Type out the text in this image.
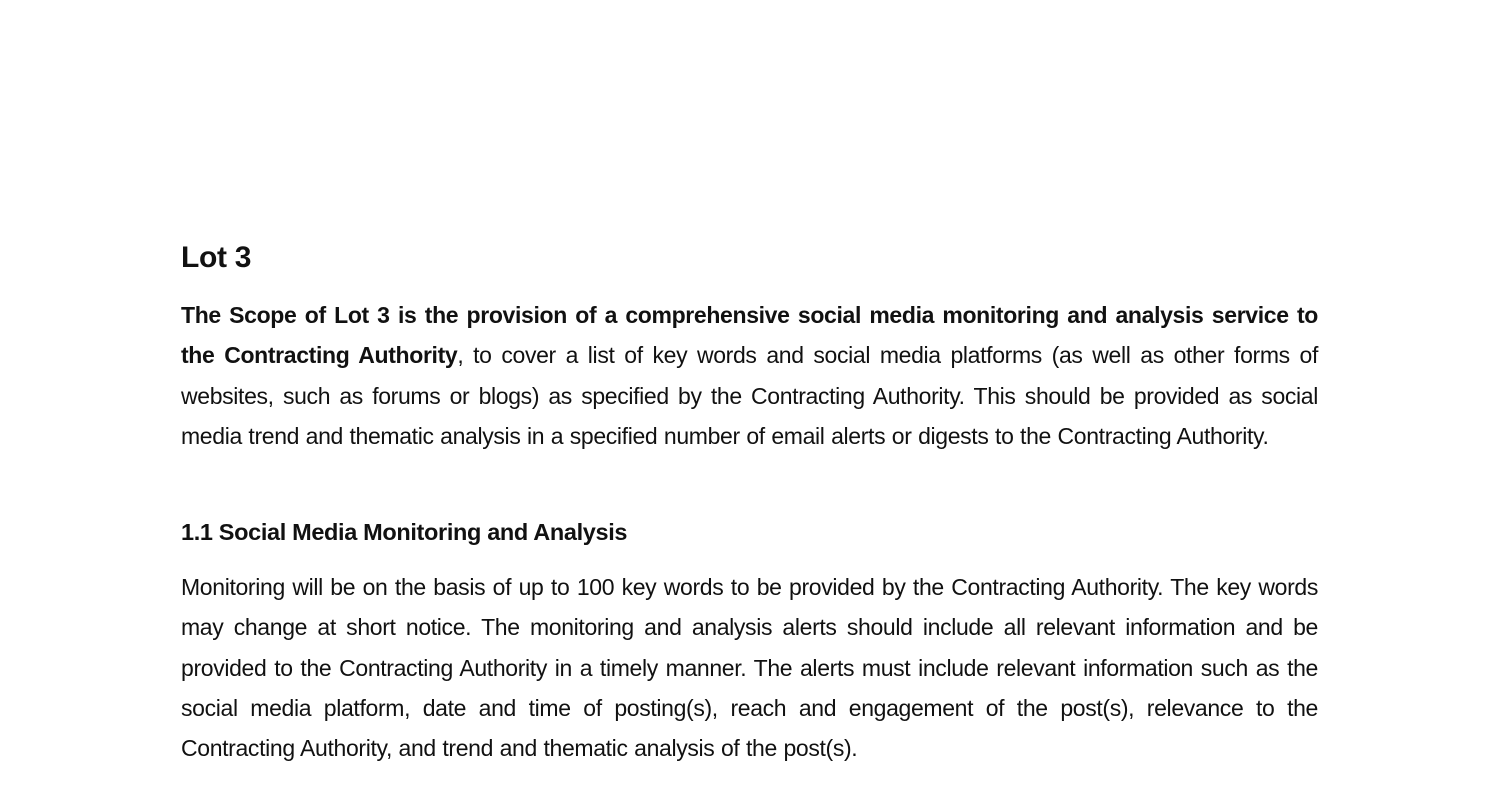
Lot 3

The Scope of Lot 3 is the provision of a comprehensive social media monitoring and analysis service to the Contracting Authority, to cover a list of key words and social media platforms (as well as other forms of websites, such as forums or blogs) as specified by the Contracting Authority. This should be provided as social media trend and thematic analysis in a specified number of email alerts or digests to the Contracting Authority.

1.1 Social Media Monitoring and Analysis

Monitoring will be on the basis of up to 100 key words to be provided by the Contracting Authority. The key words may change at short notice. The monitoring and analysis alerts should include all relevant information and be provided to the Contracting Authority in a timely manner. The alerts must include relevant information such as the social media platform, date and time of posting(s), reach and engagement of the post(s), relevance to the Contracting Authority, and trend and thematic analysis of the post(s).
